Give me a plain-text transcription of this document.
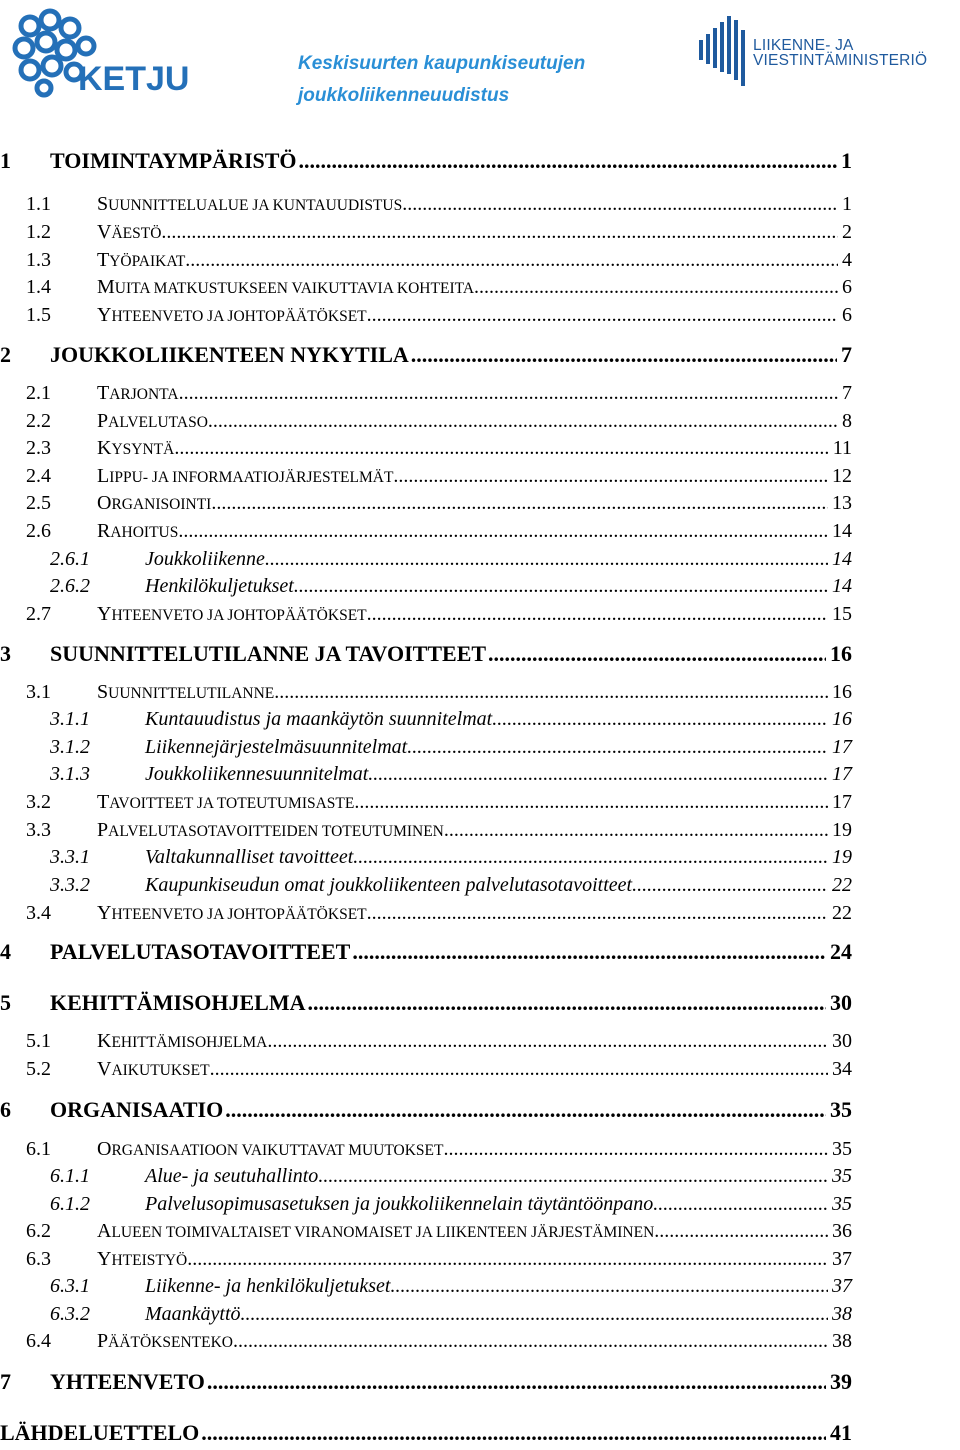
KETJU	Keskisuurten kaupunkiseutujen
joukkoliikenneuudistus
LIIKENNE- JA
VIESTINTÄMINISTERIÖ
1 TOIMINTAYMPÄRISTÖ .....	1
1.1 SUUNNITTELUALUE JA KUNTAUUDISTUS .....	1
1.2 VÄESTÖ .....	2
1.3 TYÖPAIKAT .....	4
1.4 MUITA MATKUSTUKSEEN VAIKUTTAVIA KOHTEITA .....	6
1.5 YHTEENVETO JA JOHTOPÄÄTÖKSET .....	6
2 JOUKKOLIIKENTEEN NYKYTILA .....	7
2.1 TARJONTA .....	7
2.2 PALVELUTASO .....	8
2.3 KYSYNTÄ .....	11
2.4 LIPPU- JA INFORMAATIOJÄRJESTELMÄT .....	12
2.5 ORGANISOINTI .....	13
2.6 RAHOITUS .....	14
2.6.1	Joukkoliikenne .....	14
2.6.2	Henkilökuljetukset .....	14
2.7 YHTEENVETO JA JOHTOPÄÄTÖKSET .....	15
3 SUUNNITTELUTILANNE JA TAVOITTEET .....	16
3.1 SUUNNITTELUTILANNE .....	16
3.1.1	Kuntauudistus ja maankäytön suunnitelmat .....	16
3.1.2	Liikennejärjestelmäsuunnitelmat .....	17
3.1.3	Joukkoliikennesuunnitelmat .....	17
3.2 TAVOITTEET JA TOTEUTUMISASTE .....	17
3.3 PALVELUTASOTAVOITTEIDEN TOTEUTUMINEN .....	19
3.3.1	Valtakunnalliset tavoitteet .....	19
3.3.2	Kaupunkiseudun omat joukkoliikenteen palvelutasotavoitteet .....	22
3.4 YHTEENVETO JA JOHTOPÄÄTÖKSET .....	22
4 PALVELUTASOTAVOITTEET .....	24
5 KEHITTÄMISOHJELMA .....	30
5.1 KEHITTÄMISOHJELMA .....	30
5.2 VAIKUTUKSET .....	34
6 ORGANISAATIO .....	35
6.1 ORGANISAATIOON VAIKUTTAVAT MUUTOKSET .....	35
6.1.1	Alue- ja seutuhallinto .....	35
6.1.2	Palvelusopimusasetuksen ja joukkoliikennelain täytäntöönpano .....	35
6.2 ALUEEN TOIMIVALTAISET VIRANOMAISET JA LIIKENTEEN JÄRJESTÄMINEN .....	36
6.3 YHTEISTYÖ .....	37
6.3.1	Liikenne- ja henkilökuljetukset .....	37
6.3.2	Maankäyttö .....	38
6.4 PÄÄTÖKSENTEKO .....	38
7 YHTEENVETO .....	39
LÄHDELUETTELO .....	41
